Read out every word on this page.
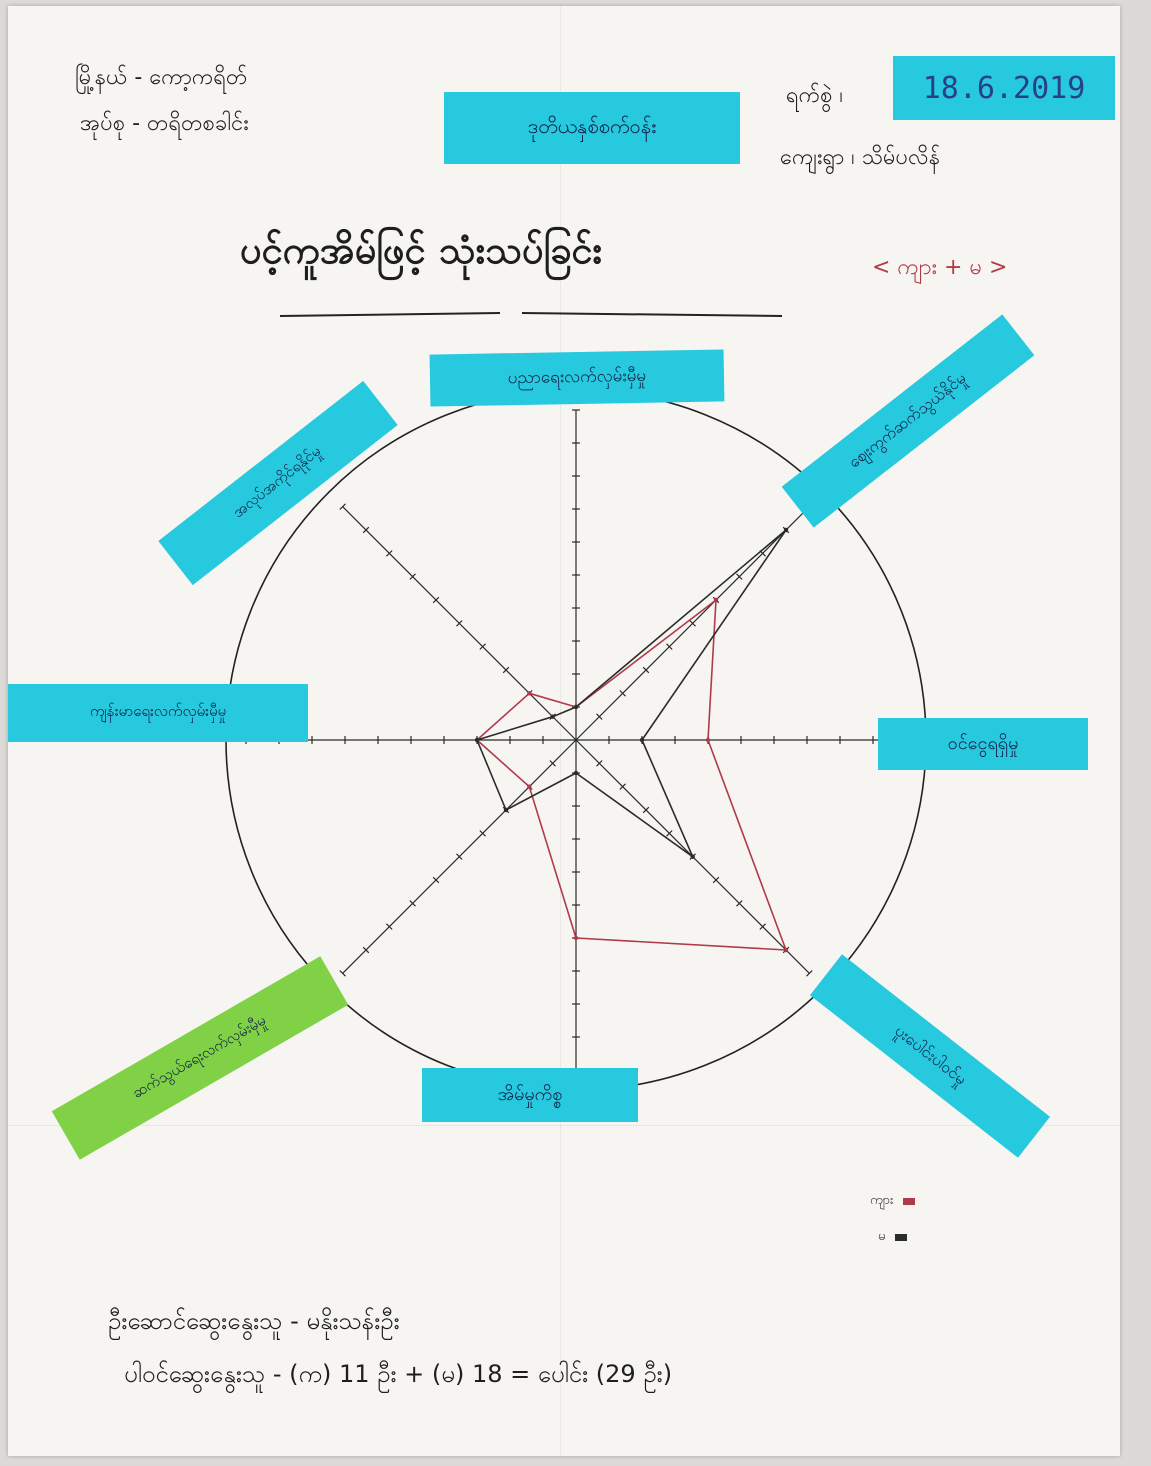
မြို့နယ် - ကော့ကရိတ်
အုပ်စု - တရိတစခါင်း	ဒုတိယနှစ်စက်ဝန်း
ရက်စွဲ ၊	18.6.2019
ကျေးရွာ ၊ သိမ်ပလိန်
ပင့်ကူအိမ်ဖြင့် သုံးသပ်ခြင်း	< ကျား + မ >
ပညာရေးလက်လှမ်းမှီမှု	ဈေးကွက်ဆက်သွယ်နိုင်မှု
ဝင်ငွေရရှိမှု
ပူးပေါင်းပါဝင်မှု
အိမ်မှုကိစ္စ
ဆက်သွယ်ရေးလက်လှမ်းမှီမှု
ကျန်းမာရေးလက်လှမ်းမှီမှု
အလုပ်အကိုင်ရနိုင်မှု
ကျား
မ
ဦးဆောင်ဆွေးနွေးသူ - မနိုးသန်းဦး
ပါဝင်ဆွေးနွေးသူ - (က) 11 ဦး + (မ) 18 = ပေါင်း (29 ဦး)
